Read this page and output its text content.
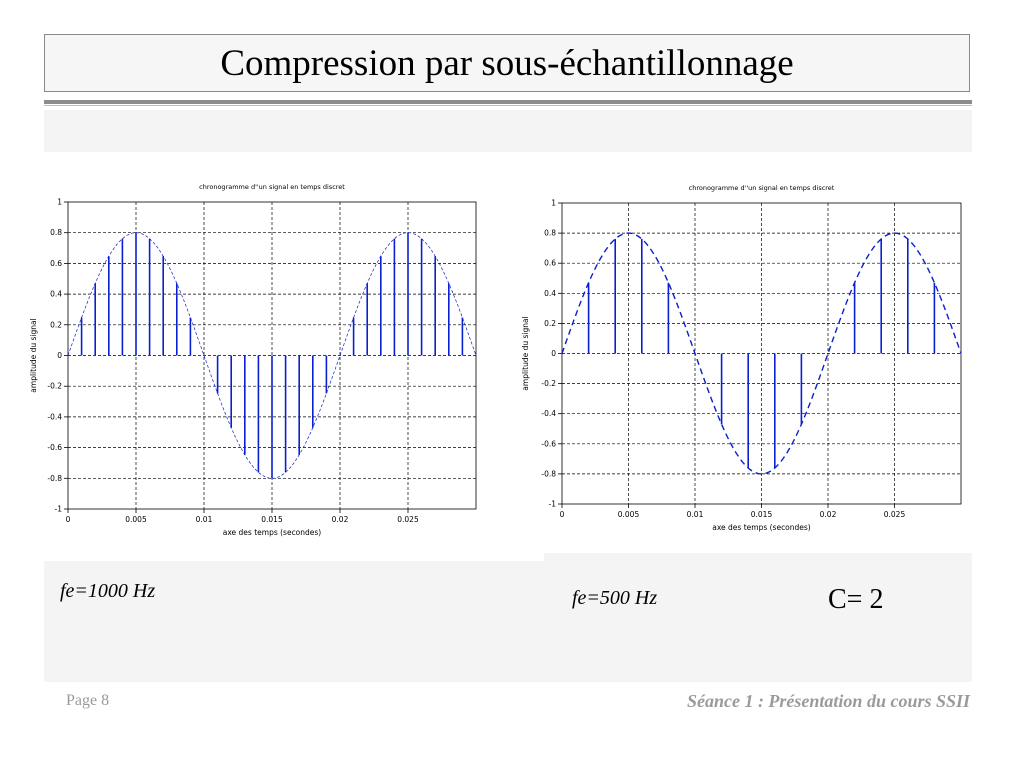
Compression par sous-échantillonnage
-1
-0.8
-0.6
-0.4
-0.2
0
0.2
0.4
0.6
0.8
1
0	0.005	0.01	0.015	0.02	0.025
chronogramme d''un signal en temps discret
axe des temps (secondes)
amplitude du signal
-1
-0.8
-0.6
-0.4
-0.2
0
0.2
0.4
0.6
0.8
1
0	0.005	0.01	0.015	0.02	0.025
chronogramme d''un signal en temps discret
axe des temps (secondes)
amplitude du signal
fe=1000 Hz	fe=500 Hz	C= 2
Page 8	Séance 1 : Présentation du cours SSII
